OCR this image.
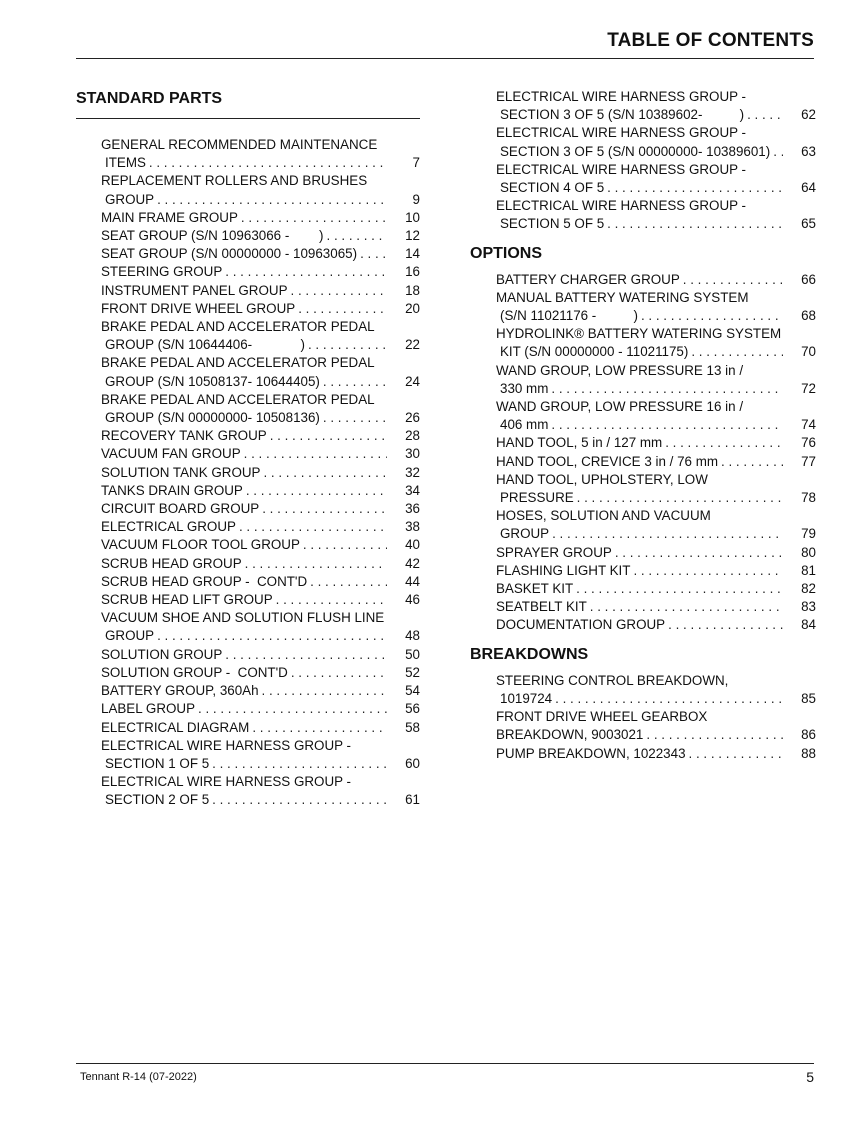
TABLE OF CONTENTS
STANDARD PARTS
GENERAL RECOMMENDED MAINTENANCE
ITEMS . . .	7
REPLACEMENT ROLLERS AND BRUSHES
GROUP . . .	9
MAIN FRAME GROUP . . .	10
SEAT GROUP (S/N 10963066 -        ) . . .	12
SEAT GROUP (S/N 00000000 - 10963065) . . .	14
STEERING GROUP . . .	16
INSTRUMENT PANEL GROUP . . .	18
FRONT DRIVE WHEEL GROUP . . .	20
BRAKE PEDAL AND ACCELERATOR PEDAL
GROUP (S/N 10644406-             ) . . .	22
BRAKE PEDAL AND ACCELERATOR PEDAL
GROUP (S/N 10508137- 10644405) . . .	24
BRAKE PEDAL AND ACCELERATOR PEDAL
GROUP (S/N 00000000- 10508136) . . .	26
RECOVERY TANK GROUP . . .	28
VACUUM FAN GROUP . . .	30
SOLUTION TANK GROUP . . .	32
TANKS DRAIN GROUP . . .	34
CIRCUIT BOARD GROUP . . .	36
ELECTRICAL GROUP . . .	38
VACUUM FLOOR TOOL GROUP . . .	40
SCRUB HEAD GROUP . . .	42
SCRUB HEAD GROUP -  CONT'D . . .	44
SCRUB HEAD LIFT GROUP . . .	46
VACUUM SHOE AND SOLUTION FLUSH LINE
GROUP . . .	48
SOLUTION GROUP . . .	50
SOLUTION GROUP -  CONT'D . . .	52
BATTERY GROUP, 360Ah . . .	54
LABEL GROUP . . .	56
ELECTRICAL DIAGRAM . . .	58
ELECTRICAL WIRE HARNESS GROUP -
SECTION 1 OF 5 . . .	60
ELECTRICAL WIRE HARNESS GROUP -
SECTION 2 OF 5 . . .	61
ELECTRICAL WIRE HARNESS GROUP -
SECTION 3 OF 5 (S/N 10389602-          ) . . .	62
ELECTRICAL WIRE HARNESS GROUP -
SECTION 3 OF 5 (S/N 00000000- 10389601) . . .	63
ELECTRICAL WIRE HARNESS GROUP -
SECTION 4 OF 5 . . .	64
ELECTRICAL WIRE HARNESS GROUP -
SECTION 5 OF 5 . . .	65
OPTIONS
BATTERY CHARGER GROUP . . .	66
MANUAL BATTERY WATERING SYSTEM
(S/N 11021176 -          ) . . .	68
HYDROLINK® BATTERY WATERING SYSTEM
KIT (S/N 00000000 - 11021175) . . .	70
WAND GROUP, LOW PRESSURE 13 in /
330 mm . . .	72
WAND GROUP, LOW PRESSURE 16 in /
406 mm . . .	74
HAND TOOL, 5 in / 127 mm . . .	76
HAND TOOL, CREVICE 3 in / 76 mm . . .	77
HAND TOOL, UPHOLSTERY, LOW
PRESSURE . . .	78
HOSES, SOLUTION AND VACUUM
GROUP . . .	79
SPRAYER GROUP . . .	80
FLASHING LIGHT KIT . . .	81
BASKET KIT . . .	82
SEATBELT KIT . . .	83
DOCUMENTATION GROUP . . .	84
BREAKDOWNS
STEERING CONTROL BREAKDOWN,
1019724 . . .	85
FRONT DRIVE WHEEL GEARBOX
BREAKDOWN, 9003021 . . .	86
PUMP BREAKDOWN, 1022343 . . .	88
Tennant R-14 (07-2022)	5
